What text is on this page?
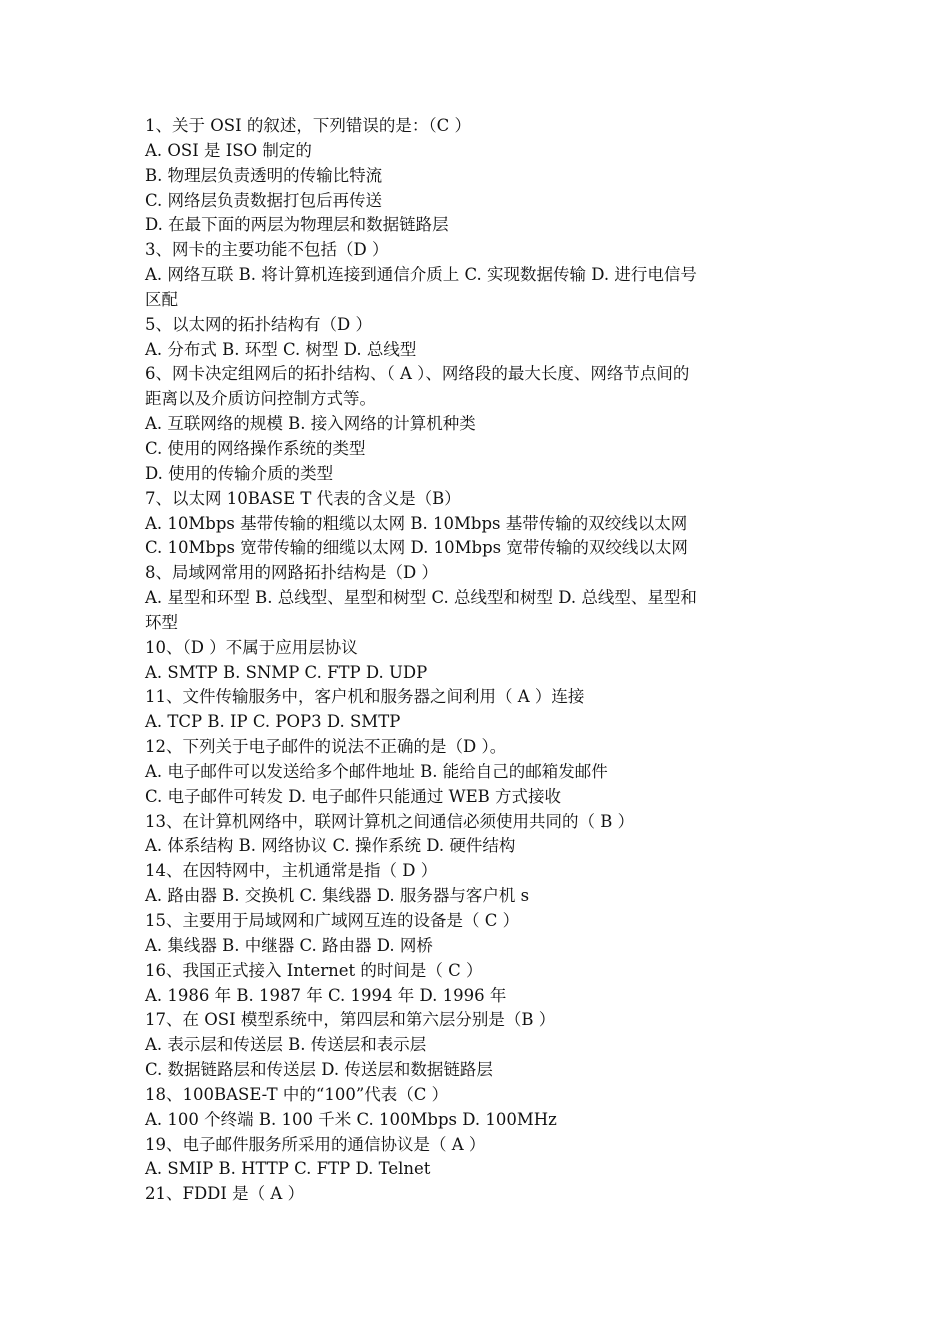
1、关于 OSI 的叙述，下列错误的是：（C ）
A. OSI 是 ISO 制定的
B. 物理层负责透明的传输比特流
C. 网络层负责数据打包后再传送
D. 在最下面的两层为物理层和数据链路层
3、网卡的主要功能不包括（D ）
A. 网络互联 B. 将计算机连接到通信介质上 C. 实现数据传输 D. 进行电信号
区配
5、以太网的拓扑结构有（D ）
A. 分布式 B. 环型 C. 树型 D. 总线型
6、网卡决定组网后的拓扑结构、（ A ）、网络段的最大长度、网络节点间的
距离以及介质访问控制方式等。
A. 互联网络的规模 B. 接入网络的计算机种类
C. 使用的网络操作系统的类型
D. 使用的传输介质的类型
7、以太网 10BASE T 代表的含义是（B）
A. 10Mbps 基带传输的粗缆以太网 B. 10Mbps 基带传输的双绞线以太网
C. 10Mbps 宽带传输的细缆以太网 D. 10Mbps 宽带传输的双绞线以太网
8、局域网常用的网路拓扑结构是（D ）
A. 星型和环型 B. 总线型、星型和树型 C. 总线型和树型 D. 总线型、星型和
环型
10、（D ）不属于应用层协议
A. SMTP B. SNMP C. FTP D. UDP
11、文件传输服务中，客户机和服务器之间利用（ A ）连接
A. TCP B. IP C. POP3 D. SMTP
12、下列关于电子邮件的说法不正确的是（D ）。
A. 电子邮件可以发送给多个邮件地址 B. 能给自己的邮箱发邮件
C. 电子邮件可转发 D. 电子邮件只能通过 WEB 方式接收
13、在计算机网络中，联网计算机之间通信必须使用共同的（ B ）
A. 体系结构 B. 网络协议 C. 操作系统 D. 硬件结构
14、在因特网中，主机通常是指（ D ）
A. 路由器 B. 交换机 C. 集线器 D. 服务器与客户机 s
15、主要用于局域网和广域网互连的设备是（ C ）
A. 集线器 B. 中继器 C. 路由器 D. 网桥
16、我国正式接入 Internet 的时间是（ C ）
A. 1986 年 B. 1987 年 C. 1994 年 D. 1996 年
17、在 OSI 模型系统中，第四层和第六层分别是（B ）
A. 表示层和传送层 B. 传送层和表示层
C. 数据链路层和传送层 D. 传送层和数据链路层
18、100BASE-T 中的“100”代表（C ）
A. 100 个终端 B. 100 千米 C. 100Mbps D. 100MHz
19、电子邮件服务所采用的通信协议是（ A ）
A. SMIP B. HTTP C. FTP D. Telnet
21、FDDI 是（ A ）
